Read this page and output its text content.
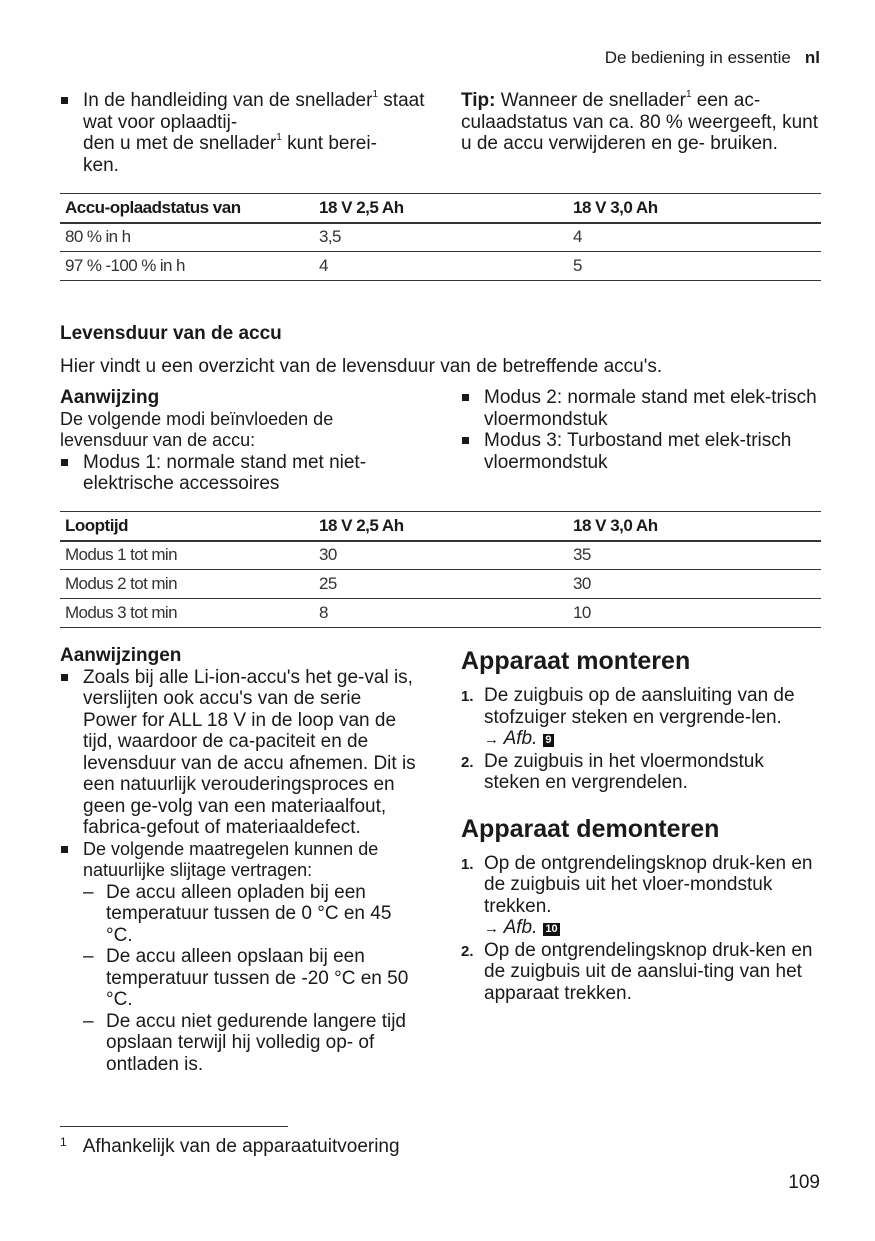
De bediening in essentie nl
In de handleiding van de snellader$^1$ staat wat voor oplaadtij-
den u met de snellader$^1$ kunt berei-
ken.
Tip: Wanneer de snellader$^1$ een ac- culaadstatus van ca. 80 % weergeeft, kunt u de accu verwijderen en ge- bruiken.
Accu-oplaadstatus van	18 V 2,5 Ah	18 V 3,0 Ah
80 % in h	3,5	4
97 % -100 % in h	4	5
Levensduur van de accu
Hier vindt u een overzicht van de levensduur van de betreffende accu's.
Aanwijzing
De volgende modi beïnvloeden de levensduur van de accu:
Modus 1: normale stand met niet-elektrische accessoires
Modus 2: normale stand met elek-trisch vloermondstuk
Modus 3: Turbostand met elek-trisch vloermondstuk
Looptijd	18 V 2,5 Ah	18 V 3,0 Ah
Modus 1 tot min	30	35
Modus 2 tot min	25	30
Modus 3 tot min	8	10
Aanwijzingen
Zoals bij alle Li-ion-accu's het ge-val is, verslijten ook accu's van de serie Power for ALL 18 V in de loop van de tijd, waardoor de ca-paciteit en de levensduur van de accu afnemen. Dit is een natuurlijk verouderingsproces en geen ge-volg van een materiaalfout, fabrica-gefout of materiaaldefect.
De volgende maatregelen kunnen de natuurlijke slijtage vertragen:
– De accu alleen opladen bij een temperatuur tussen de 0 °C en 45 °C.
– De accu alleen opslaan bij een temperatuur tussen de -20 °C en 50 °C.
– De accu niet gedurende langere tijd opslaan terwijl hij volledig op- of ontladen is.
Apparaat monteren
1. De zuigbuis op de aansluiting van de stofzuiger steken en vergrende-len.
→ Afb. 9
2. De zuigbuis in het vloermondstuk steken en vergrendelen.
Apparaat demonteren
1. Op de ontgrendelingsknop druk-ken en de zuigbuis uit het vloer-mondstuk trekken.
→ Afb. 10
2. Op de ontgrendelingsknop druk-ken en de zuigbuis uit de aanslui-ting van het apparaat trekken.
$^1$ Afhankelijk van de apparaatuitvoering
109
